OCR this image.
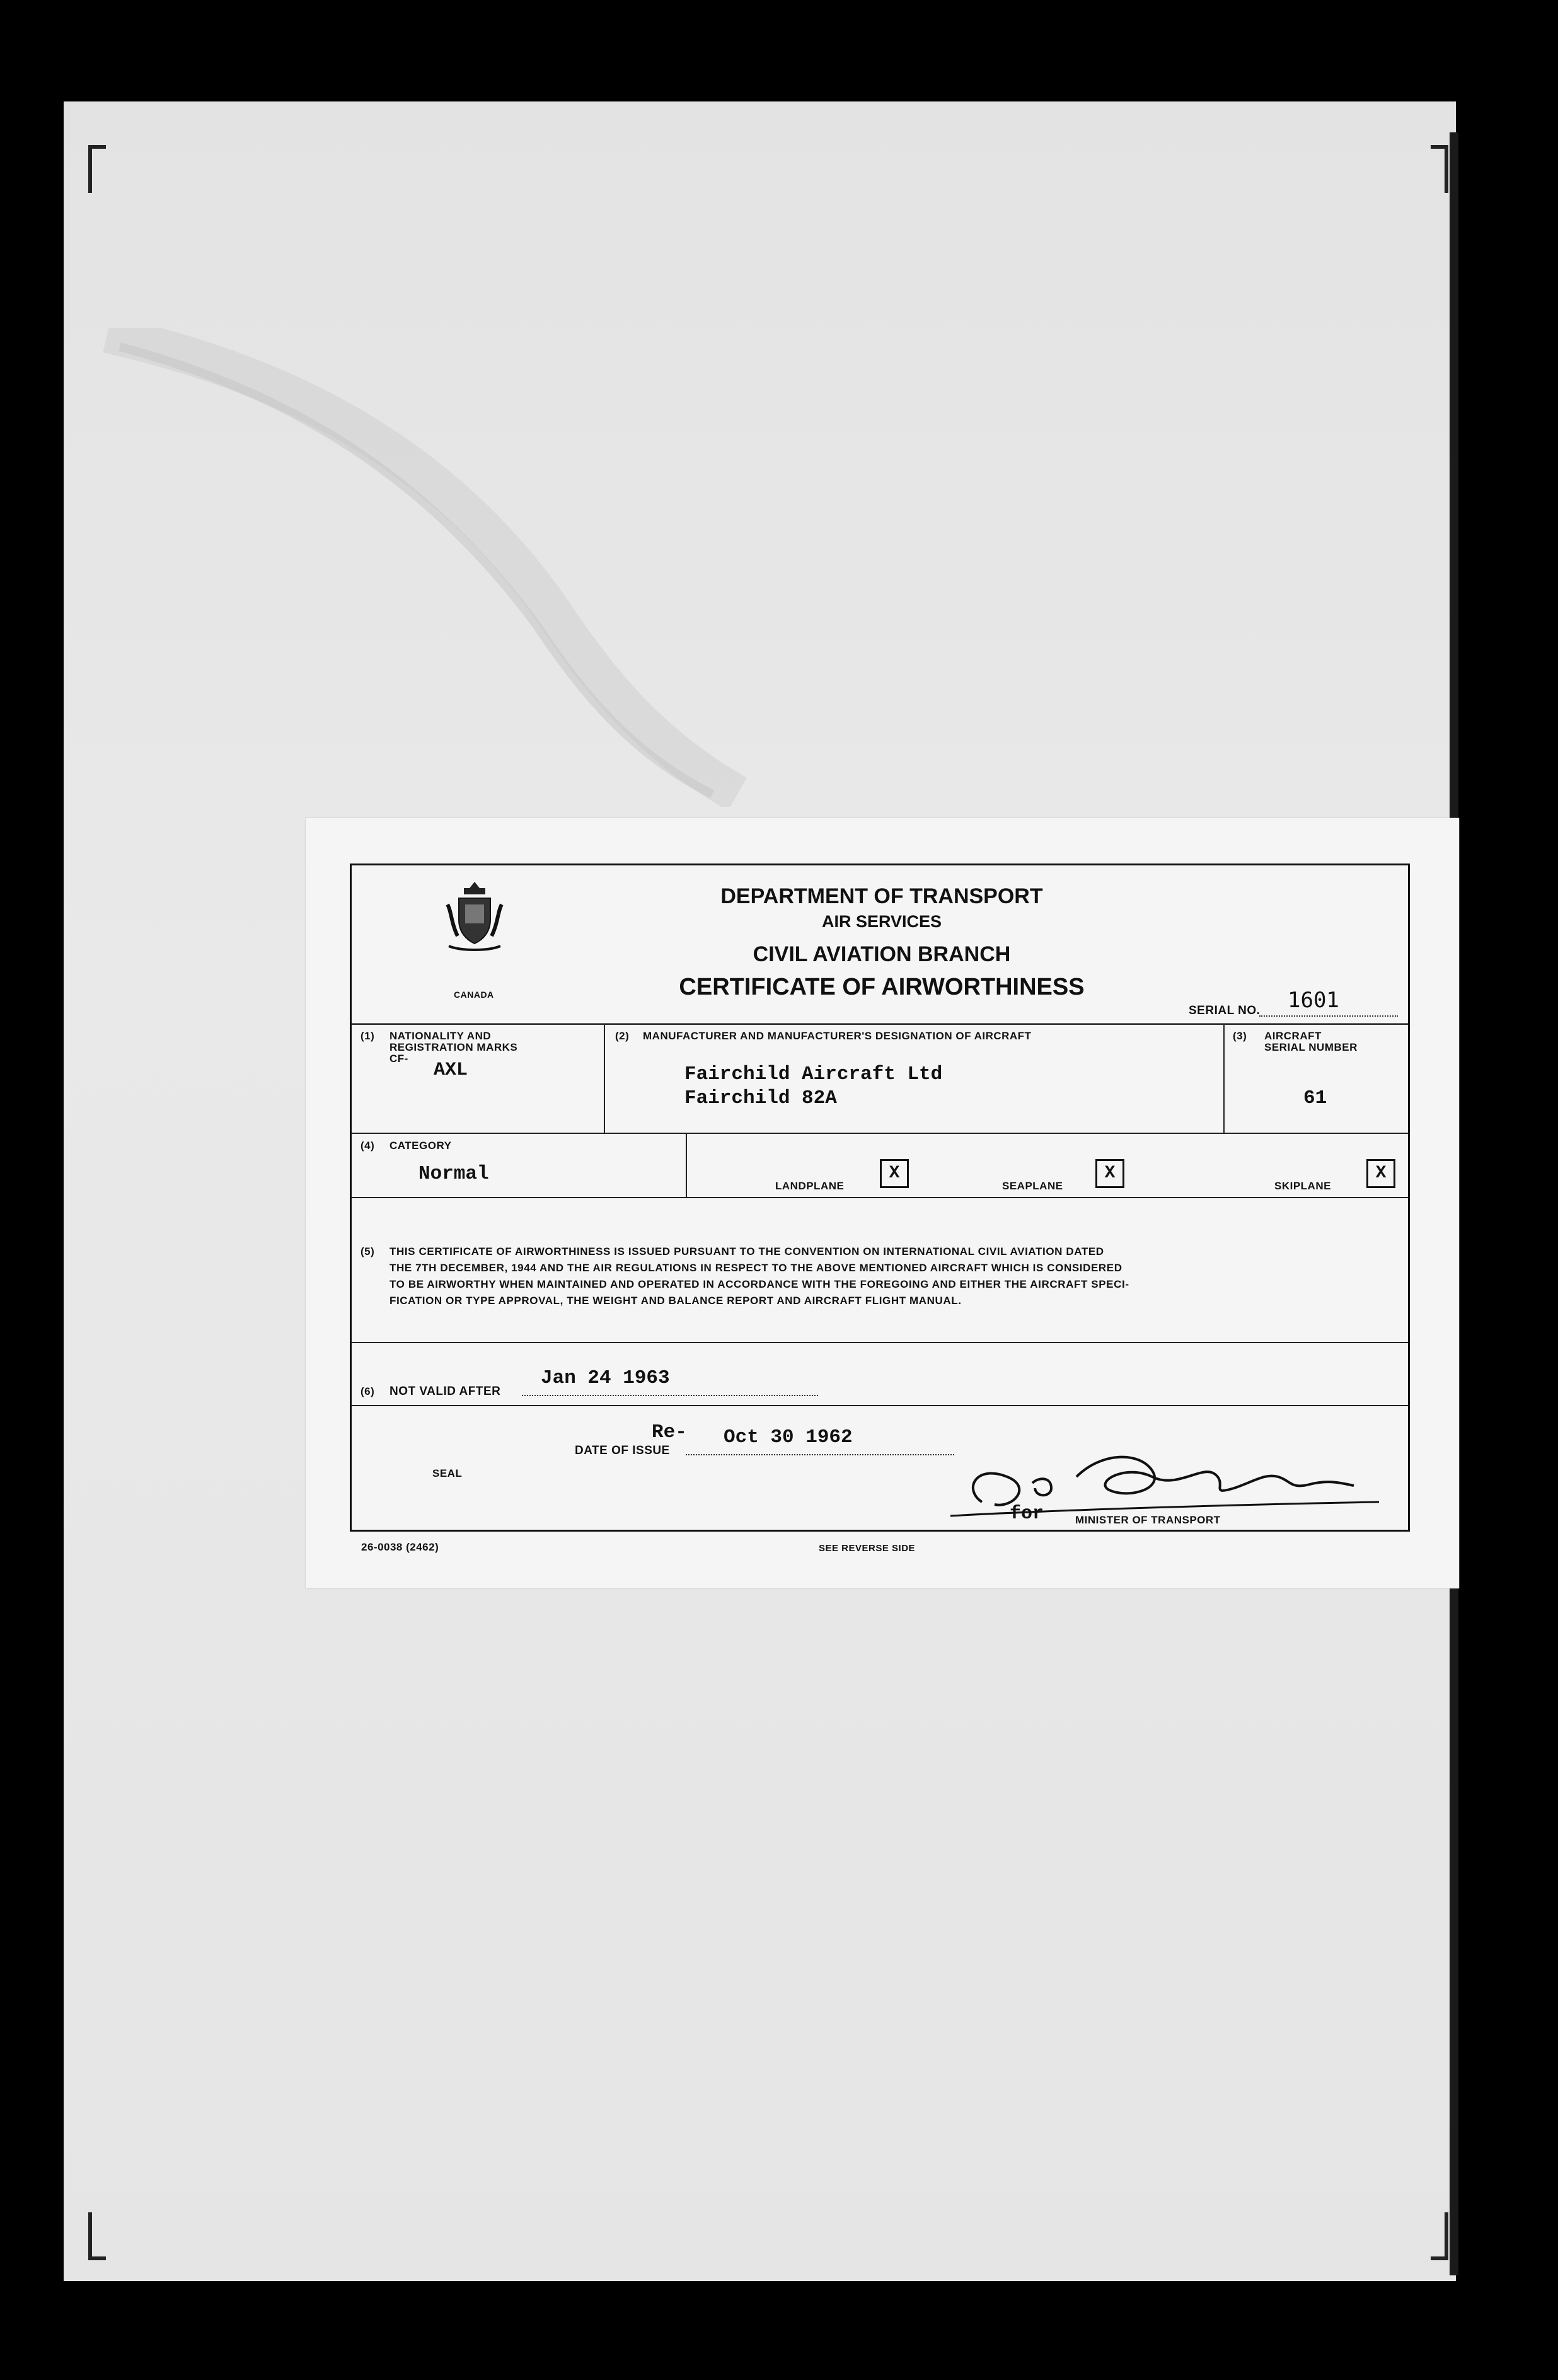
CANADA
DEPARTMENT OF TRANSPORT
AIR SERVICES
CIVIL AVIATION BRANCH
CERTIFICATE OF AIRWORTHINESS
SERIAL NO. 1601
(1) NATIONALITY AND
REGISTRATION MARKS
CF-
AXL
(2) MANUFACTURER AND MANUFACTURER'S DESIGNATION OF AIRCRAFT
Fairchild Aircraft Ltd
Fairchild 82A
(3) AIRCRAFT
SERIAL NUMBER
61
(4) CATEGORY
Normal
LANDPLANE
X
SEAPLANE
X
SKIPLANE
X
(5) THIS CERTIFICATE OF AIRWORTHINESS IS ISSUED PURSUANT TO THE CONVENTION ON INTERNATIONAL CIVIL AVIATION DATED
THE 7TH DECEMBER, 1944 AND THE AIR REGULATIONS IN RESPECT TO THE ABOVE MENTIONED AIRCRAFT WHICH IS CONSIDERED
TO BE AIRWORTHY WHEN MAINTAINED AND OPERATED IN ACCORDANCE WITH THE FOREGOING AND EITHER THE AIRCRAFT SPECI-
FICATION OR TYPE APPROVAL, THE WEIGHT AND BALANCE REPORT AND AIRCRAFT FLIGHT MANUAL.
(6) NOT VALID AFTER
Jan 24 1963
Re-
DATE OF ISSUE
Oct 30 1962
SEAL
for	MINISTER OF TRANSPORT
26-0038 (2462)	SEE REVERSE SIDE
